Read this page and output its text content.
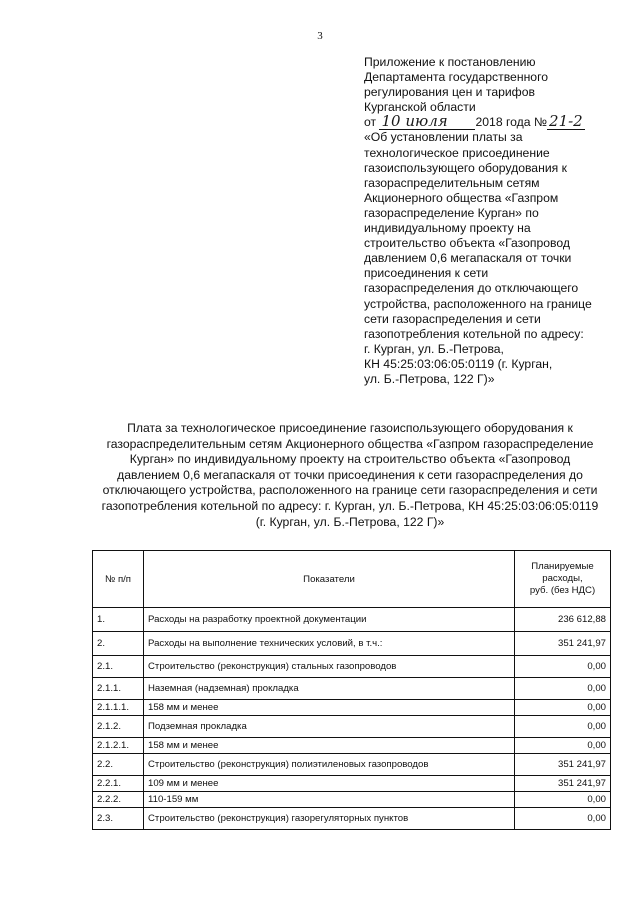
3
Приложение к постановлению
Департамента государственного
регулирования цен и тарифов
Курганской области
от 10 июля 2018 года № 21-2
«Об установлении платы за
технологическое присоединение
газоиспользующего оборудования к
газораспределительным сетям
Акционерного общества «Газпром
газораспределение Курган» по
индивидуальному проекту на
строительство объекта «Газопровод
давлением 0,6 мегапаскаля от точки
присоединения к сети
газораспределения до отключающего
устройства, расположенного на границе
сети газораспределения и сети
газопотребления котельной по адресу:
г. Курган, ул. Б.-Петрова,
КН 45:25:03:06:05:0119 (г. Курган,
ул. Б.-Петрова, 122 Г)»
Плата за технологическое присоединение газоиспользующего оборудования к
газораспределительным сетям Акционерного общества «Газпром газораспределение
Курган» по индивидуальному проекту на строительство объекта «Газопровод
давлением 0,6 мегапаскаля от точки присоединения к сети газораспределения до
отключающего устройства, расположенного на границе сети газораспределения и сети
газопотребления котельной по адресу: г. Курган, ул. Б.-Петрова, КН 45:25:03:06:05:0119
(г. Курган, ул. Б.-Петрова, 122 Г)»
№ п/п	Показатели	Планируемые
расходы,
руб. (без НДС)

1.	Расходы на разработку проектной документации	236 612,88
2.	Расходы на выполнение технических условий, в т.ч.:	351 241,97
2.1.	Строительство (реконструкция) стальных газопроводов	0,00
2.1.1.	Наземная (надземная) прокладка	0,00
2.1.1.1.	158 мм и менее	0,00
2.1.2.	Подземная прокладка	0,00
2.1.2.1.	158 мм и менее	0,00
2.2.	Строительство (реконструкция) полиэтиленовых газопроводов	351 241,97
2.2.1.	109 мм и менее	351 241,97
2.2.2.	110-159 мм	0,00
2.3.	Строительство (реконструкция) газорегуляторных пунктов	0,00
